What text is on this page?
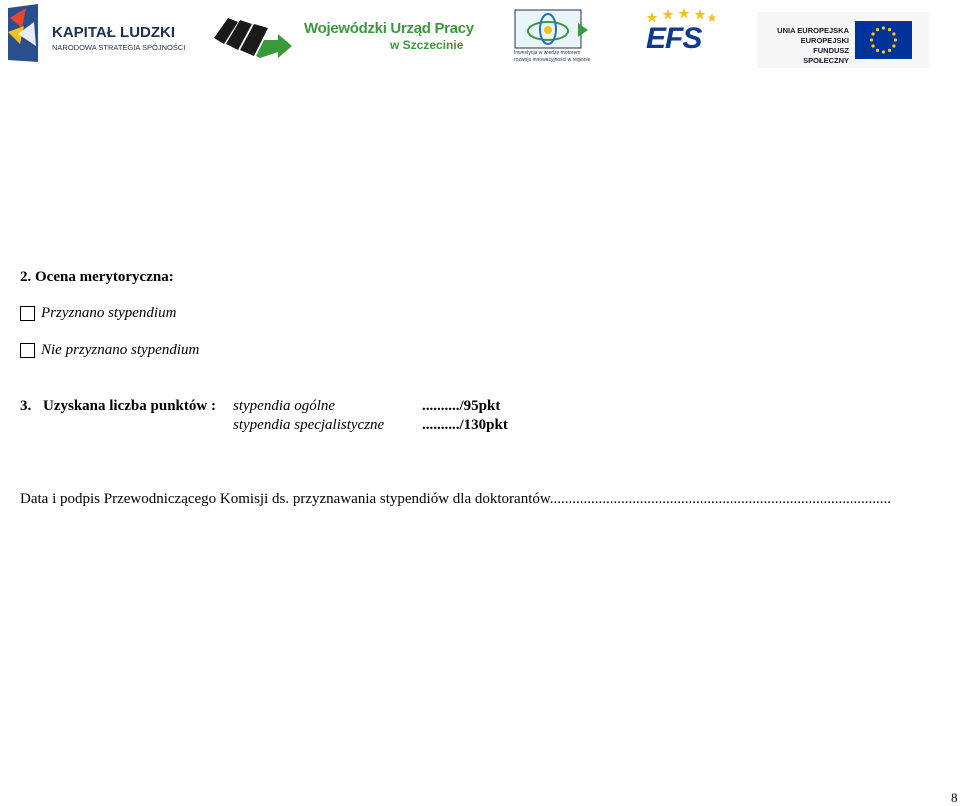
KAPITAŁ LUDZKI
NARODOWA STRATEGIA SPÓJNOŚCI
Wojewódzki Urząd Pracy
w Szczecinie
Inwestycja w wiedzę motorem
rozwoju innowacyjności w regionie
EFS	UNIA EUROPEJSKA
EUROPEJSKI
FUNDUSZ SPOŁECZNY
2. Ocena merytoryczna:
Przyznano stypendium
Nie przyznano stypendium
3. Uzyskana liczba punktów : stypendia ogólne	........../95pkt
stypendia specjalistyczne	........../130pkt
Data i podpis Przewodniczącego Komisji ds. przyznawania stypendiów dla doktorantów...........................................................................................
8
